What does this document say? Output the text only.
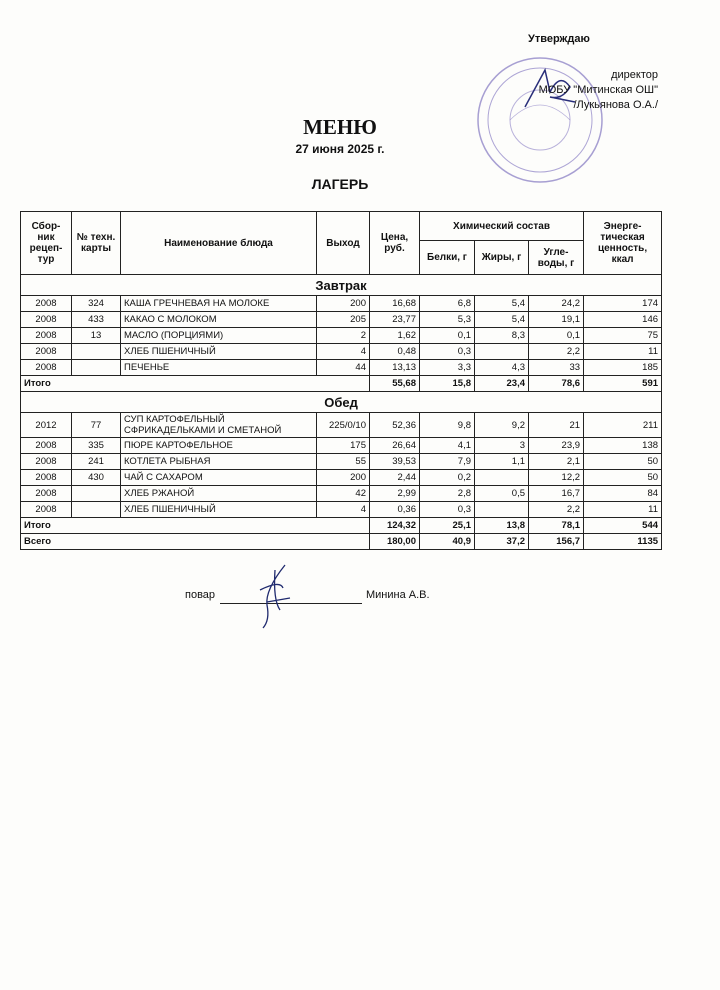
Утверждаю
директор
МОБУ "Митинская ОШ"
/Лукьянова О.А./
МЕНЮ
27 июня 2025 г.
ЛАГЕРЬ
Сбор-ник рецеп-тур	№ техн. карты	Наименование блюда	Выход	Цена, руб.	Химический состав			Энерге-тическая ценность, ккал
					Белки, г	Жиры, г	Угле-воды, г	
Завтрак								
2008	324	КАША ГРЕЧНЕВАЯ НА МОЛОКЕ	200	16,68	6,8	5,4	24,2	174
2008	433	КАКАО С МОЛОКОМ	205	23,77	5,3	5,4	19,1	146
2008	13	МАСЛО (ПОРЦИЯМИ)	2	1,62	0,1	8,3	0,1	75
2008		ХЛЕБ ПШЕНИЧНЫЙ	4	0,48	0,3		2,2	11
2008		ПЕЧЕНЬЕ	44	13,13	3,3	4,3	33	185
Итого				55,68	15,8	23,4	78,6	591
Обед								
2012	77	СУП КАРТОФЕЛЬНЫЙ СФРИКАДЕЛЬКАМИ И СМЕТАНОЙ	225/0/10	52,36	9,8	9,2	21	211
2008	335	ПЮРЕ КАРТОФЕЛЬНОЕ	175	26,64	4,1	3	23,9	138
2008	241	КОТЛЕТА РЫБНАЯ	55	39,53	7,9	1,1	2,1	50
2008	430	ЧАЙ С САХАРОМ	200	2,44	0,2		12,2	50
2008		ХЛЕБ РЖАНОЙ	42	2,99	2,8	0,5	16,7	84
2008		ХЛЕБ ПШЕНИЧНЫЙ	4	0,36	0,3		2,2	11
Итого				124,32	25,1	13,8	78,1	544
Всего				180,00	40,9	37,2	156,7	1135
повар	Минина А.В.
